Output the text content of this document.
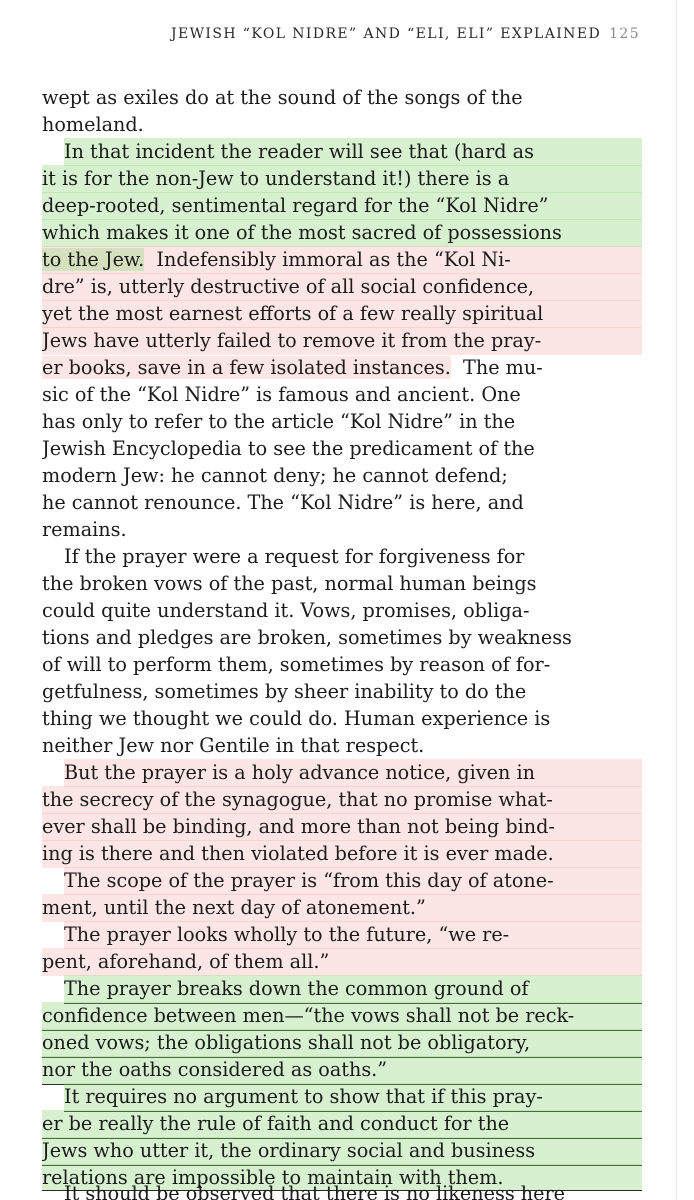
JEWISH “KOL NIDRE” AND “ELI, ELI” EXPLAINED 125
wept as exiles do at the sound of the songs of the
homeland.
In that incident the reader will see that (hard as
it is for the non-Jew to understand it!) there is a
deep-rooted, sentimental regard for the “Kol Nidre”
which makes it one of the most sacred of possessions
to the Jew. Indefensibly immoral as the “Kol Ni-
dre” is, utterly destructive of all social confidence,
yet the most earnest efforts of a few really spiritual
Jews have utterly failed to remove it from the pray-
er books, save in a few isolated instances. The mu-
sic of the “Kol Nidre” is famous and ancient. One
has only to refer to the article “Kol Nidre” in the
Jewish Encyclopedia to see the predicament of the
modern Jew: he cannot deny; he cannot defend;
he cannot renounce. The “Kol Nidre” is here, and
remains.
If the prayer were a request for forgiveness for
the broken vows of the past, normal human beings
could quite understand it. Vows, promises, obliga-
tions and pledges are broken, sometimes by weakness
of will to perform them, sometimes by reason of for-
getfulness, sometimes by sheer inability to do the
thing we thought we could do. Human experience is
neither Jew nor Gentile in that respect.
But the prayer is a holy advance notice, given in
the secrecy of the synagogue, that no promise what-
ever shall be binding, and more than not being bind-
ing is there and then violated before it is ever made.
The scope of the prayer is “from this day of atone-
ment, until the next day of atonement.”
The prayer looks wholly to the future, “we re-
pent, aforehand, of them all.”
The prayer breaks down the common ground of
confidence between men—“the vows shall not be reck-
oned vows; the obligations shall not be obligatory,
nor the oaths considered as oaths.”
It requires no argument to show that if this pray-
er be really the rule of faith and conduct for the
Jews who utter it, the ordinary social and business
relations are impossible to maintain with them.
It should be observed that there is no likeness here
